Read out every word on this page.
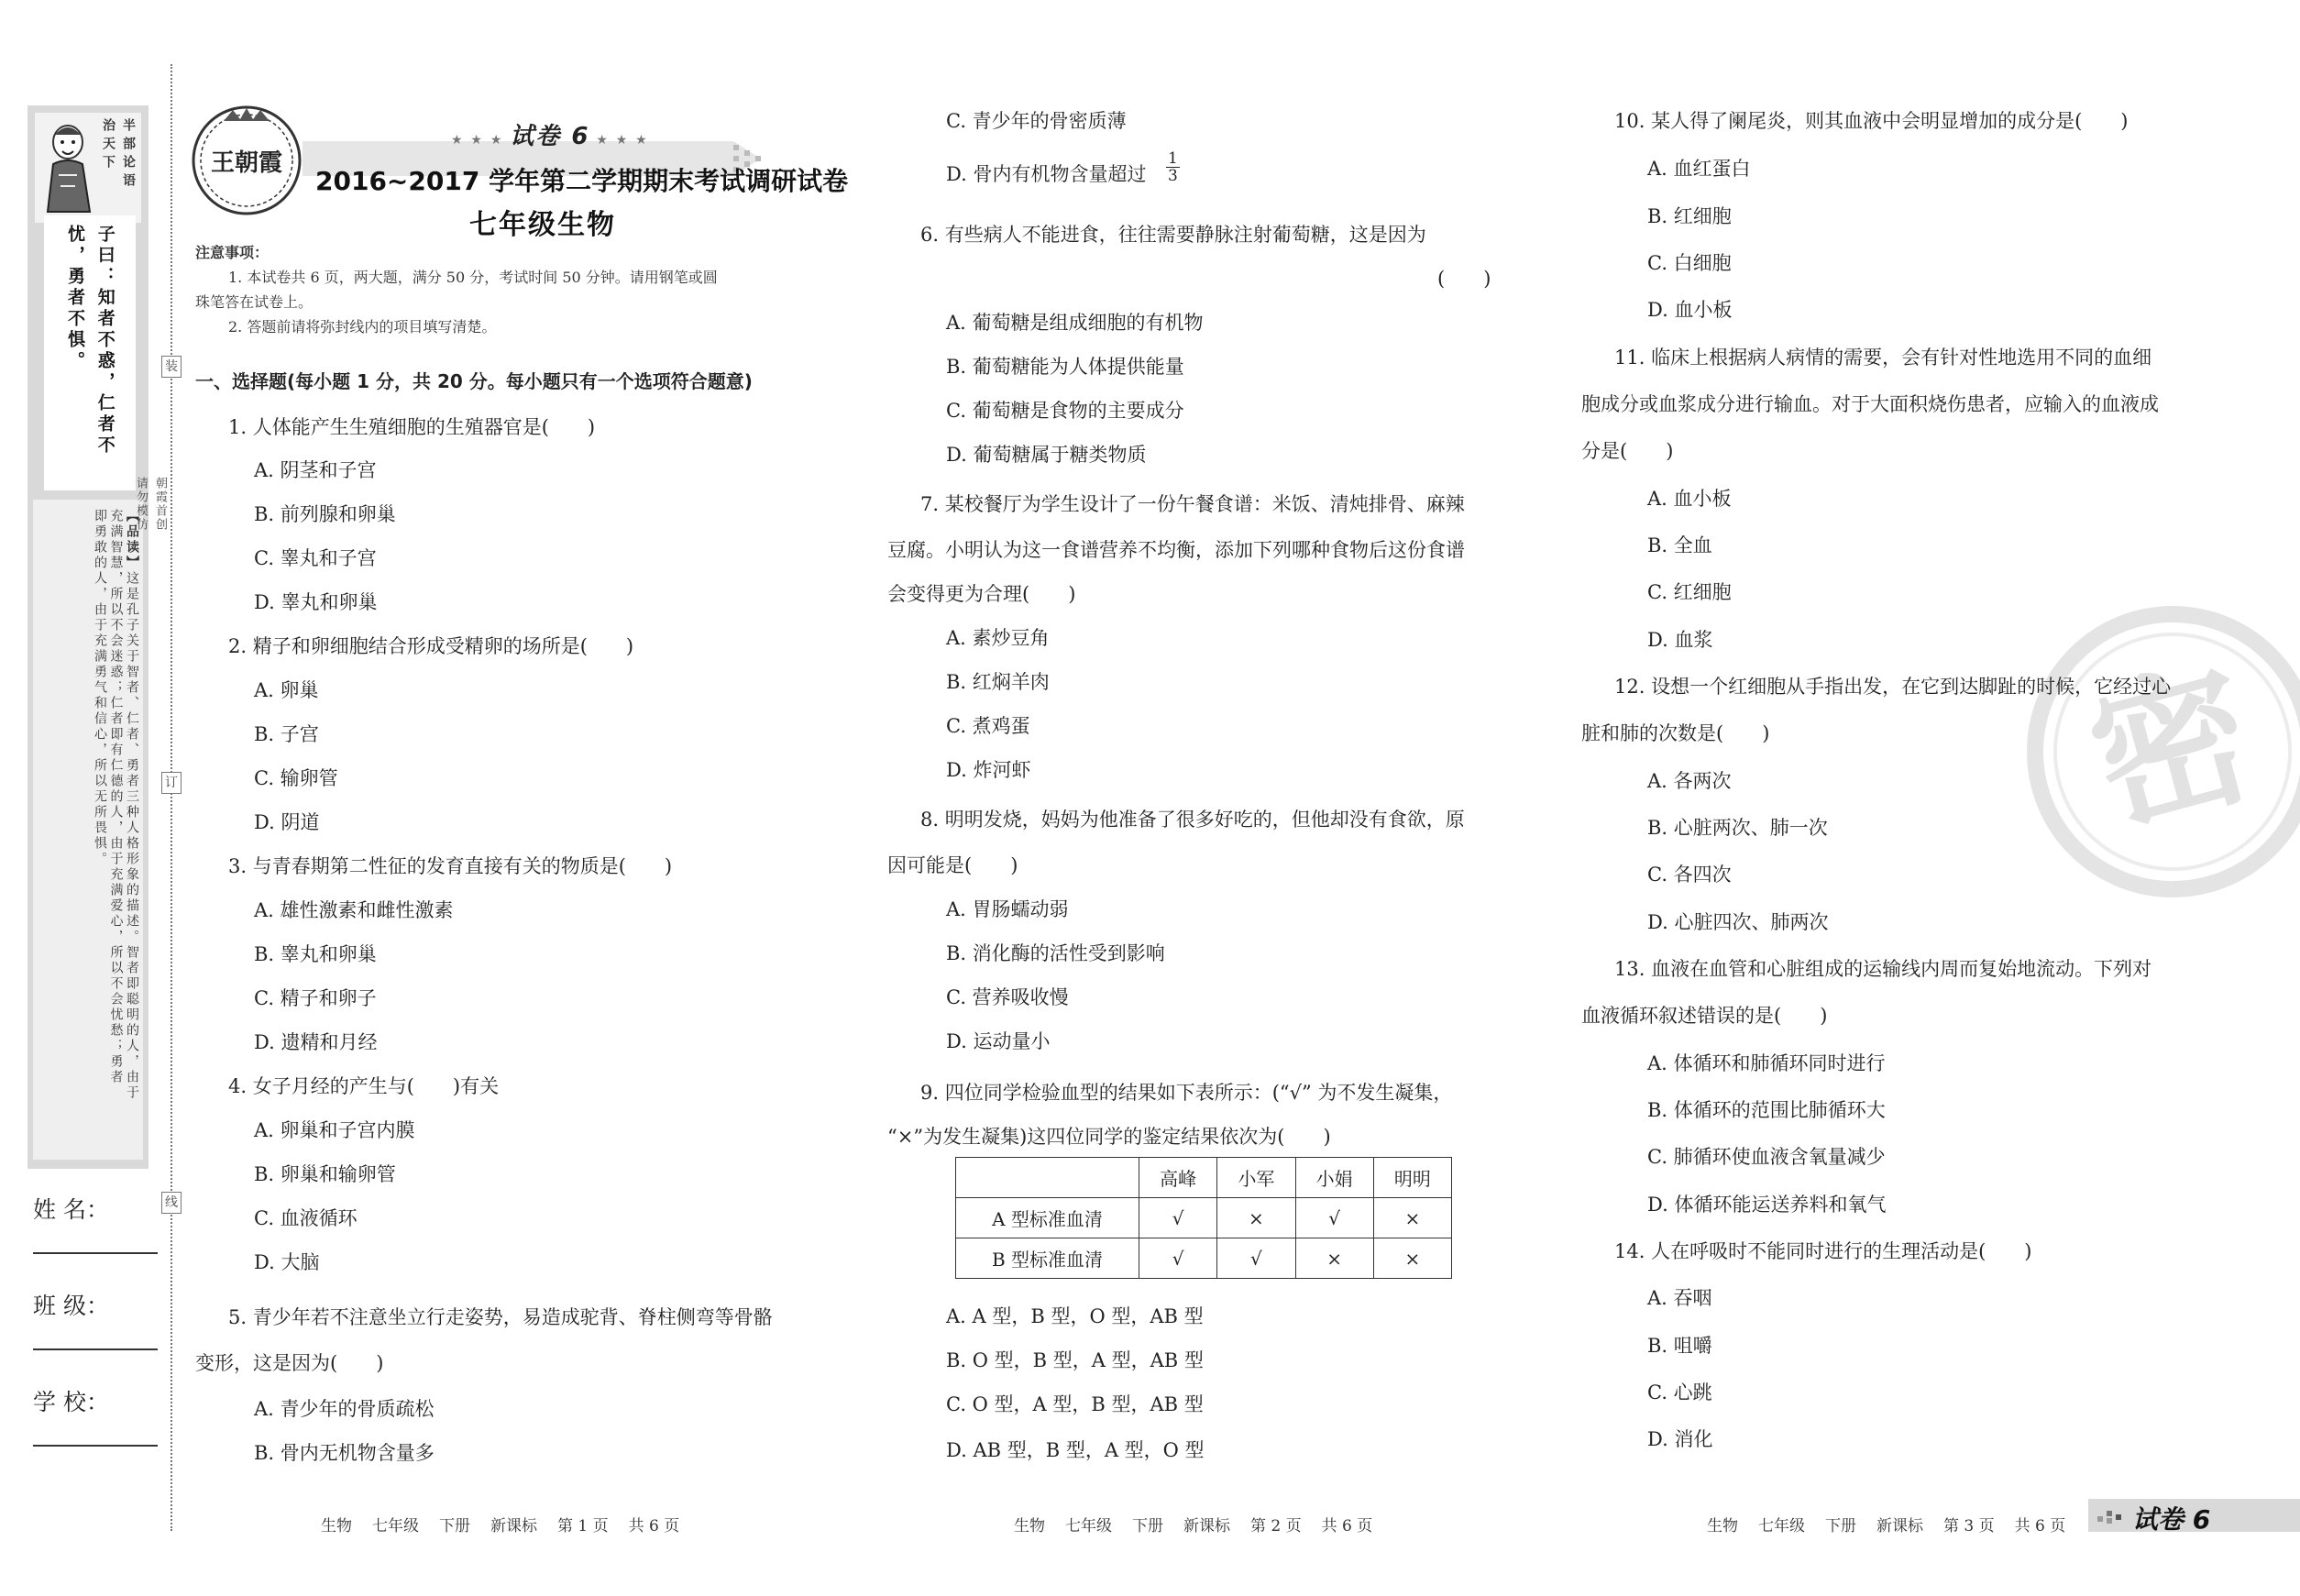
半部论语
治天下
子曰：知者不惑，仁者不
忧，勇者不惧。
【品读】这是孔子关于智者、仁者、勇者三种人格形象的描述。智者即聪明的人，由于
充满智慧，所以不会迷惑；仁者即有仁德的人，由于充满爱心，所以不会忧愁；勇者
即勇敢的人，由于充满勇气和信心，所以无所畏惧。
姓 名：
班 级：
学 校：
装
订
线
朝霞首创
请勿模仿
王朝霞
★ ★ ★ 试卷 6 ★ ★ ★
2016~2017 学年第二学期期末考试调研试卷
七年级生物

注意事项：

1. 本试卷共 6 页，两大题，满分 50 分，考试时间 50 分钟。请用钢笔或圆

珠笔答在试卷上。

2. 答题前请将弥封线内的项目填写清楚。

一、选择题(每小题 1 分，共 20 分。每小题只有一个选项符合题意)
1. 人体能产生生殖细胞的生殖器官是(　　)
A. 阴茎和子宫
B. 前列腺和卵巢
C. 睾丸和子宫
D. 睾丸和卵巢
2. 精子和卵细胞结合形成受精卵的场所是(　　)
A. 卵巢
B. 子宫
C. 输卵管
D. 阴道
3. 与青春期第二性征的发育直接有关的物质是(　　)
A. 雄性激素和雌性激素
B. 睾丸和卵巢
C. 精子和卵子
D. 遗精和月经
4. 女子月经的产生与(　　)有关
A. 卵巢和子宫内膜
B. 卵巢和输卵管
C. 血液循环
D. 大脑
5. 青少年若不注意坐立行走姿势，易造成驼背、脊柱侧弯等骨骼
变形，这是因为(　　)
A. 青少年的骨质疏松
B. 骨内无机物含量多
C. 青少年的骨密质薄
D. 骨内有机物含量超过
6. 有些病人不能进食，往往需要静脉注射葡萄糖，这是因为
(　　)
A. 葡萄糖是组成细胞的有机物
B. 葡萄糖能为人体提供能量
C. 葡萄糖是食物的主要成分
D. 葡萄糖属于糖类物质
7. 某校餐厅为学生设计了一份午餐食谱：米饭、清炖排骨、麻辣
豆腐。小明认为这一食谱营养不均衡，添加下列哪种食物后这份食谱
会变得更为合理(　　)
A. 素炒豆角
B. 红焖羊肉
C. 煮鸡蛋
D. 炸河虾
8. 明明发烧，妈妈为他准备了很多好吃的，但他却没有食欲，原
因可能是(　　)
A. 胃肠蠕动弱
B. 消化酶的活性受到影响
C. 营养吸收慢
D. 运动量小
9. 四位同学检验血型的结果如下表所示：(“√” 为不发生凝集，
“×”为发生凝集)这四位同学的鉴定结果依次为(　　)
A. A 型，B 型，O 型，AB 型
B. O 型，B 型，A 型，AB 型
C. O 型，A 型，B 型，AB 型
D. AB 型，B 型，A 型，O 型
$\frac{1}{3}$
	高峰	小军	小娟	明明
A 型标准血清	√	×	√	×
B 型标准血清	√	√	×	×
密
10. 某人得了阑尾炎，则其血液中会明显增加的成分是(　　)
A. 血红蛋白
B. 红细胞
C. 白细胞
D. 血小板
11. 临床上根据病人病情的需要，会有针对性地选用不同的血细
胞成分或血浆成分进行输血。对于大面积烧伤患者，应输入的血液成
分是(　　)
A. 血小板
B. 全血
C. 红细胞
D. 血浆
12. 设想一个红细胞从手指出发，在它到达脚趾的时候，它经过心
脏和肺的次数是(　　)
A. 各两次
B. 心脏两次、肺一次
C. 各四次
D. 心脏四次、肺两次
13. 血液在血管和心脏组成的运输线内周而复始地流动。下列对
血液循环叙述错误的是(　　)
A. 体循环和肺循环同时进行
B. 体循环的范围比肺循环大
C. 肺循环使血液含氧量减少
D. 体循环能运送养料和氧气
14. 人在呼吸时不能同时进行的生理活动是(　　)
A. 吞咽
B. 咀嚼
C. 心跳
D. 消化
生物 七年级 下册 新课标 第 1 页 共 6 页	生物 七年级 下册 新课标 第 2 页 共 6 页	生物 七年级 下册 新课标 第 3 页 共 6 页	试卷 6
